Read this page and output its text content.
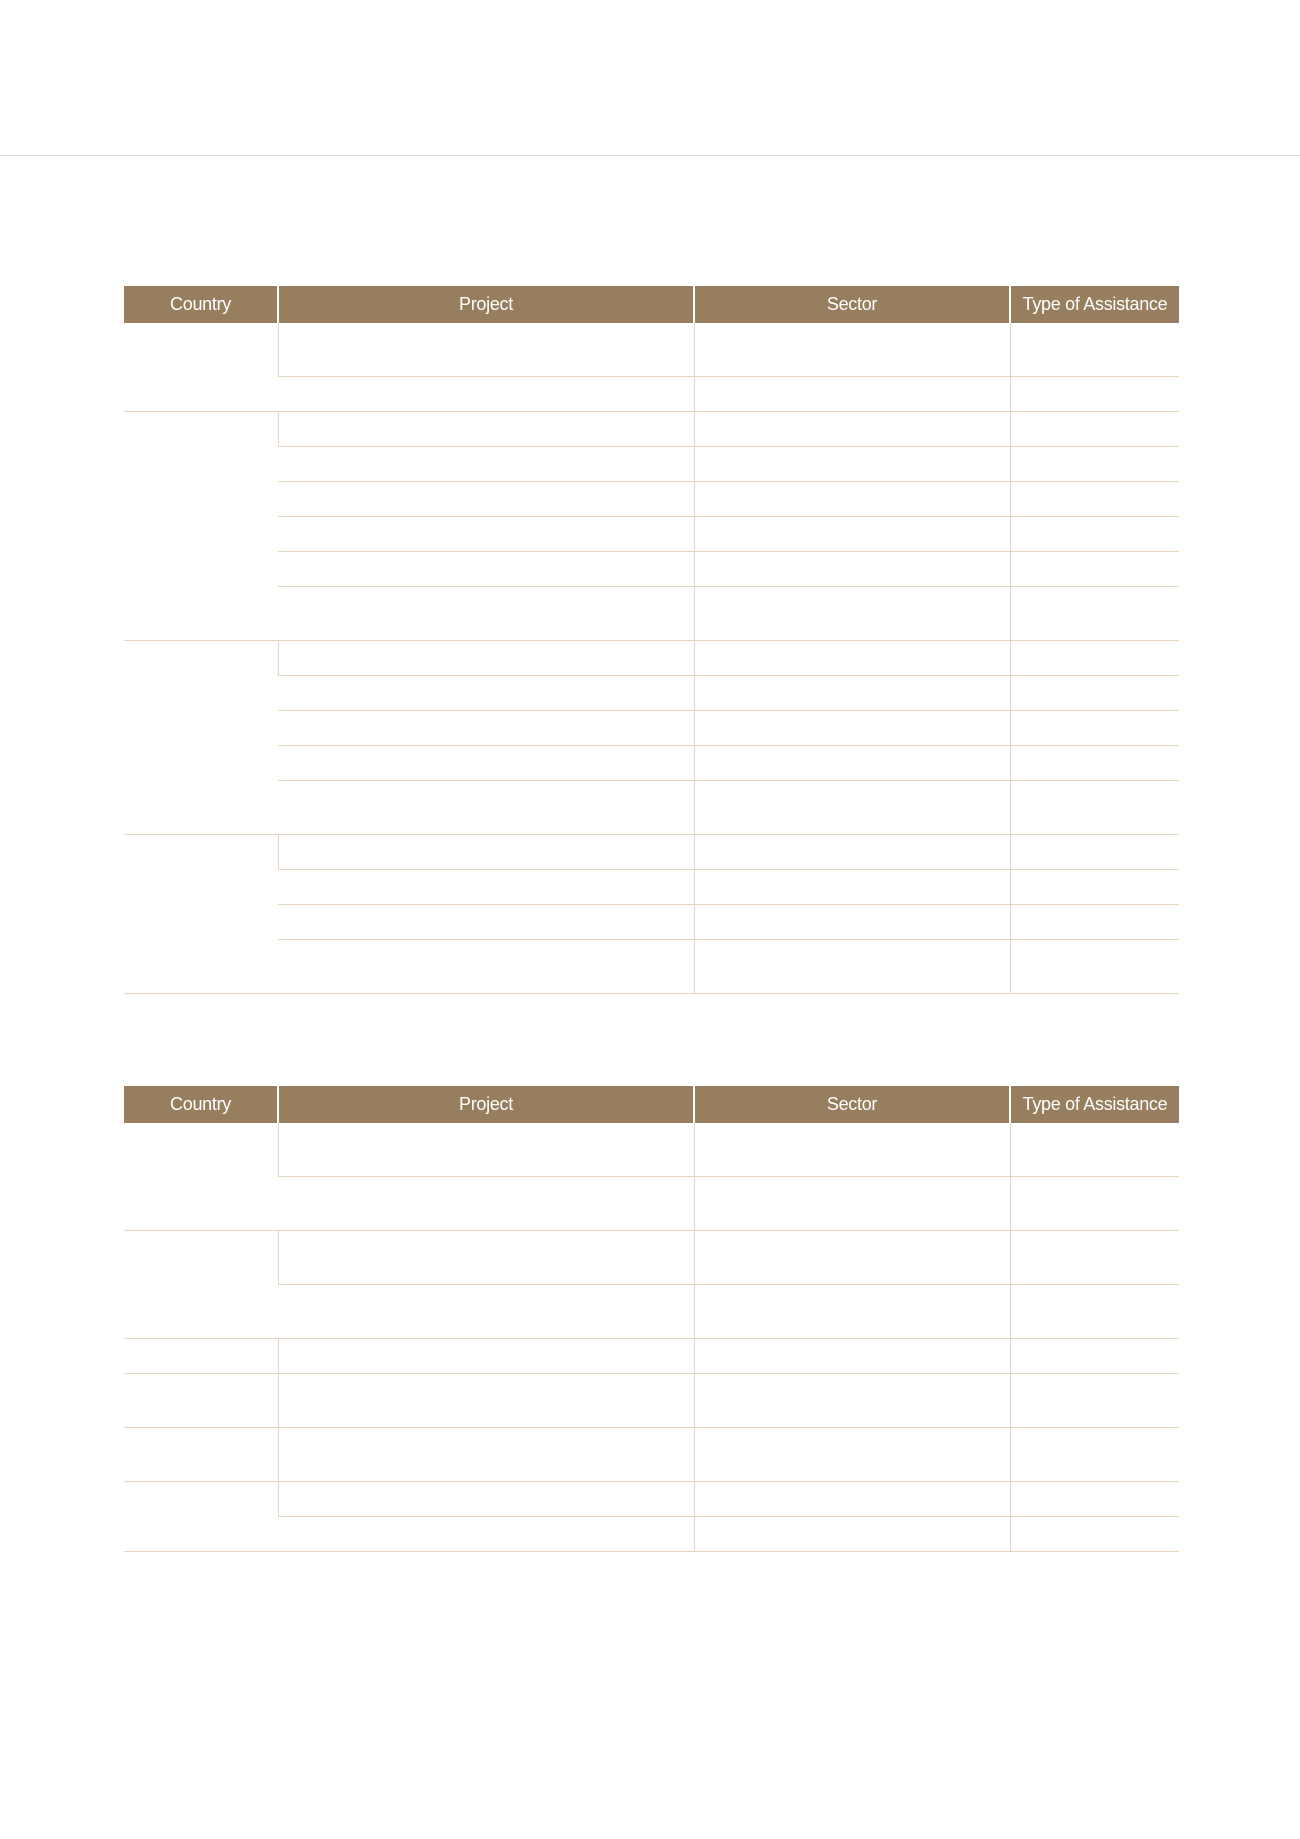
Country	Project	Sector	Type of Assistance

Country	Project	Sector	Type of Assistance
